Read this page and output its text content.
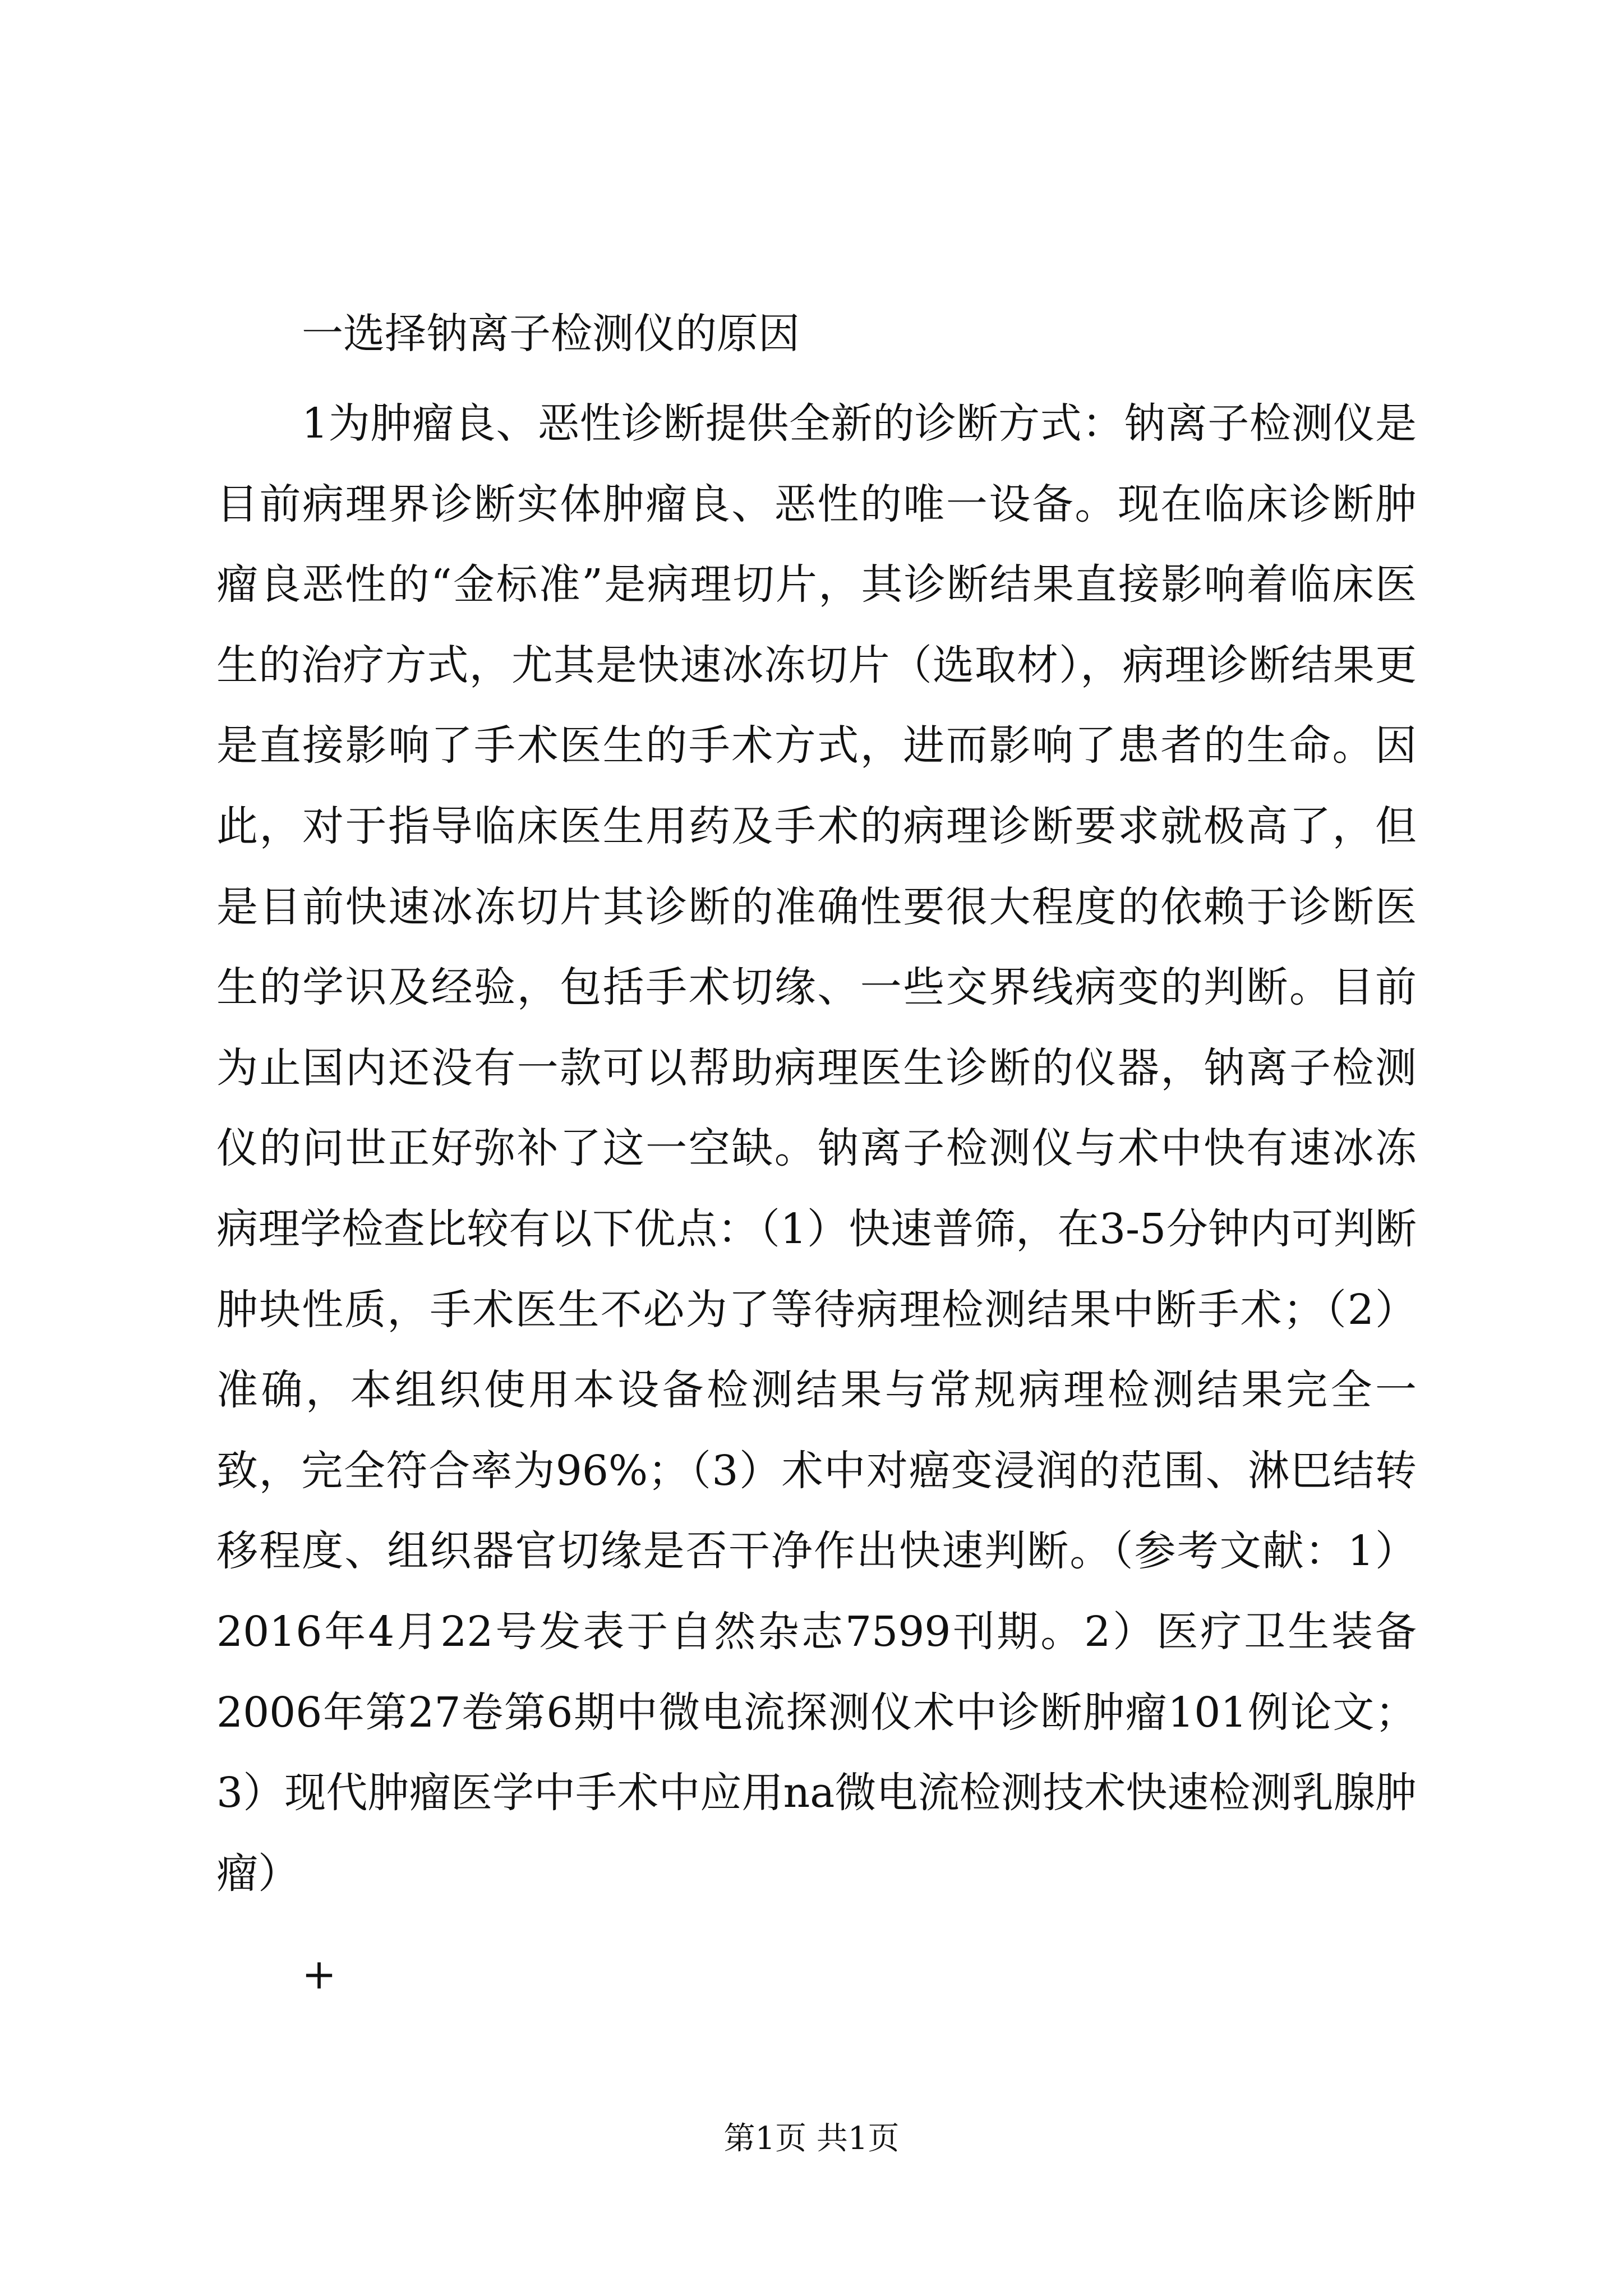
一选择钠离子检测仪的原因

1为肿瘤良、恶性诊断提供全新的诊断方式：钠离子检测仪是目前病理界诊断实体肿瘤良、恶性的唯一设备。现在临床诊断肿瘤良恶性的“金标准”是病理切片，其诊断结果直接影响着临床医生的治疗方式，尤其是快速冰冻切片（选取材），病理诊断结果更是直接影响了手术医生的手术方式，进而影响了患者的生命。因此，对于指导临床医生用药及手术的病理诊断要求就极高了，但是目前快速冰冻切片其诊断的准确性要很大程度的依赖于诊断医生的学识及经验，包括手术切缘、一些交界线病变的判断。目前为止国内还没有一款可以帮助病理医生诊断的仪器，钠离子检测仪的问世正好弥补了这一空缺。钠离子检测仪与术中快有速冰冻病理学检查比较有以下优点：（1）快速普筛，在3-5分钟内可判断肿块性质，手术医生不必为了等待病理检测结果中断手术；（2）准确，本组织使用本设备检测结果与常规病理检测结果完全一致，完全符合率为96%；（3）术中对癌变浸润的范围、淋巴结转移程度、组织器官切缘是否干净作出快速判断。（参考文献：1）2016年4月22号发表于自然杂志7599刊期。2）医疗卫生装备2006年第27卷第6期中微电流探测仪术中诊断肿瘤101例论文；3）现代肿瘤医学中手术中应用na微电流检测技术快速检测乳腺肿瘤）

+
第1页 共1页
